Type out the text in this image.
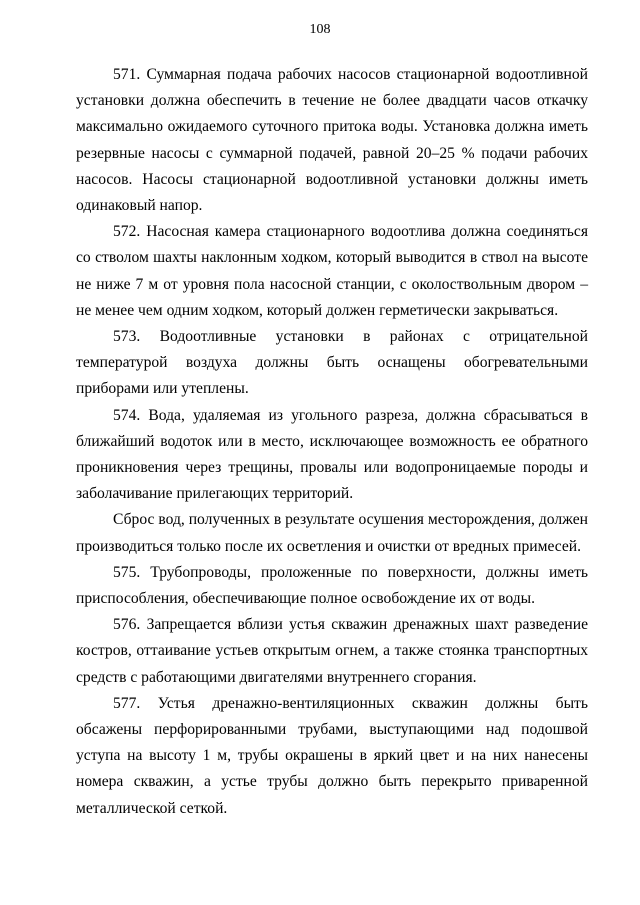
108

571. Суммарная подача рабочих насосов стационарной водоотливной установки должна обеспечить в течение не более двадцати часов откачку максимально ожидаемого суточного притока воды. Установка должна иметь резервные насосы с суммарной подачей, равной 20–25 % подачи рабочих насосов. Насосы стационарной водоотливной установки должны иметь одинаковый напор.

572. Насосная камера стационарного водоотлива должна соединяться со стволом шахты наклонным ходком, который выводится в ствол на высоте не ниже 7 м от уровня пола насосной станции, с околоствольным двором – не менее чем одним ходком, который должен герметически закрываться.

573. Водоотливные установки в районах с отрицательной температурой воздуха должны быть оснащены обогревательными приборами или утеплены.

574. Вода, удаляемая из угольного разреза, должна сбрасываться в ближайший водоток или в место, исключающее возможность ее обратного проникновения через трещины, провалы или водопроницаемые породы и заболачивание прилегающих территорий.

Сброс вод, полученных в результате осушения месторождения, должен производиться только после их осветления и очистки от вредных примесей.

575. Трубопроводы, проложенные по поверхности, должны иметь приспособления, обеспечивающие полное освобождение их от воды.

576. Запрещается вблизи устья скважин дренажных шахт разведение костров, оттаивание устьев открытым огнем, а также стоянка транспортных средств с работающими двигателями внутреннего сгорания.

577. Устья дренажно-вентиляционных скважин должны быть обсажены перфорированными трубами, выступающими над подошвой уступа на высоту 1 м, трубы окрашены в яркий цвет и на них нанесены номера скважин, а устье трубы должно быть перекрыто приваренной металлической сеткой.
